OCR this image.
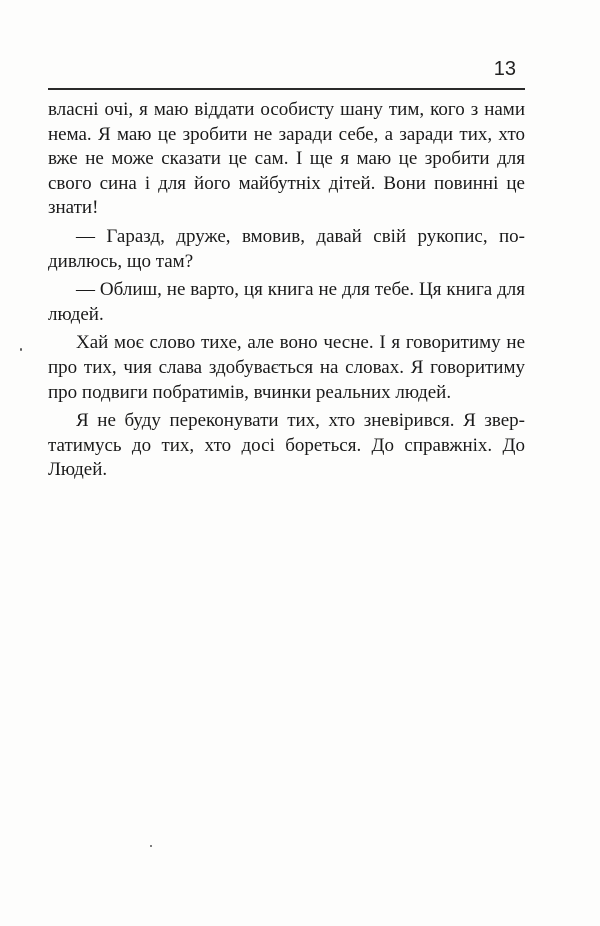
13

власні очі, я маю віддати особисту шану тим, кого з нами нема. Я маю це зробити не заради себе, а заради тих, хто вже не може сказати це сам. І ще я маю це зробити для свого сина і для його майбутніх дітей. Вони повинні це знати!

— Гаразд, друже, вмовив, давай свій рукопис, подивлюсь, що там?

— Облиш, не варто, ця книга не для тебе. Ця книга для людей.

Хай моє слово тихе, але воно чесне. І я говоритиму не про тих, чия слава здобувається на словах. Я говоритиму про подвиги побратимів, вчинки реальних людей.

Я не буду переконувати тих, хто зневірився. Я звертатимусь до тих, хто досі бореться. До справжніх. До Людей.
